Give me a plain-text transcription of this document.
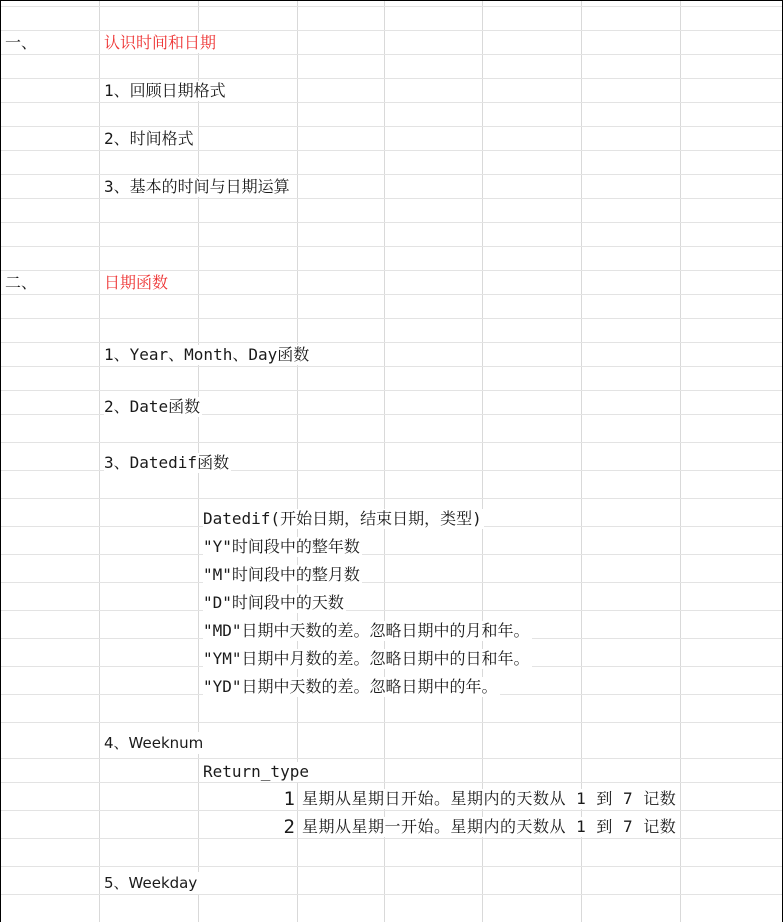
一、	认识时间和日期
1、回顾日期格式
2、时间格式
3、基本的时间与日期运算
二、	日期函数
1、Year、Month、Day函数
2、Date函数
3、Datedif函数
Datedif(开始日期，结束日期，类型)
"Y"时间段中的整年数
"M"时间段中的整月数
"D"时间段中的天数
"MD"日期中天数的差。忽略日期中的月和年。
"YM"日期中月数的差。忽略日期中的日和年。
"YD"日期中天数的差。忽略日期中的年。
4、Weeknum
Return_type
1 星期从星期日开始。星期内的天数从 1 到 7 记数
2 星期从星期一开始。星期内的天数从 1 到 7 记数
5、Weekday
